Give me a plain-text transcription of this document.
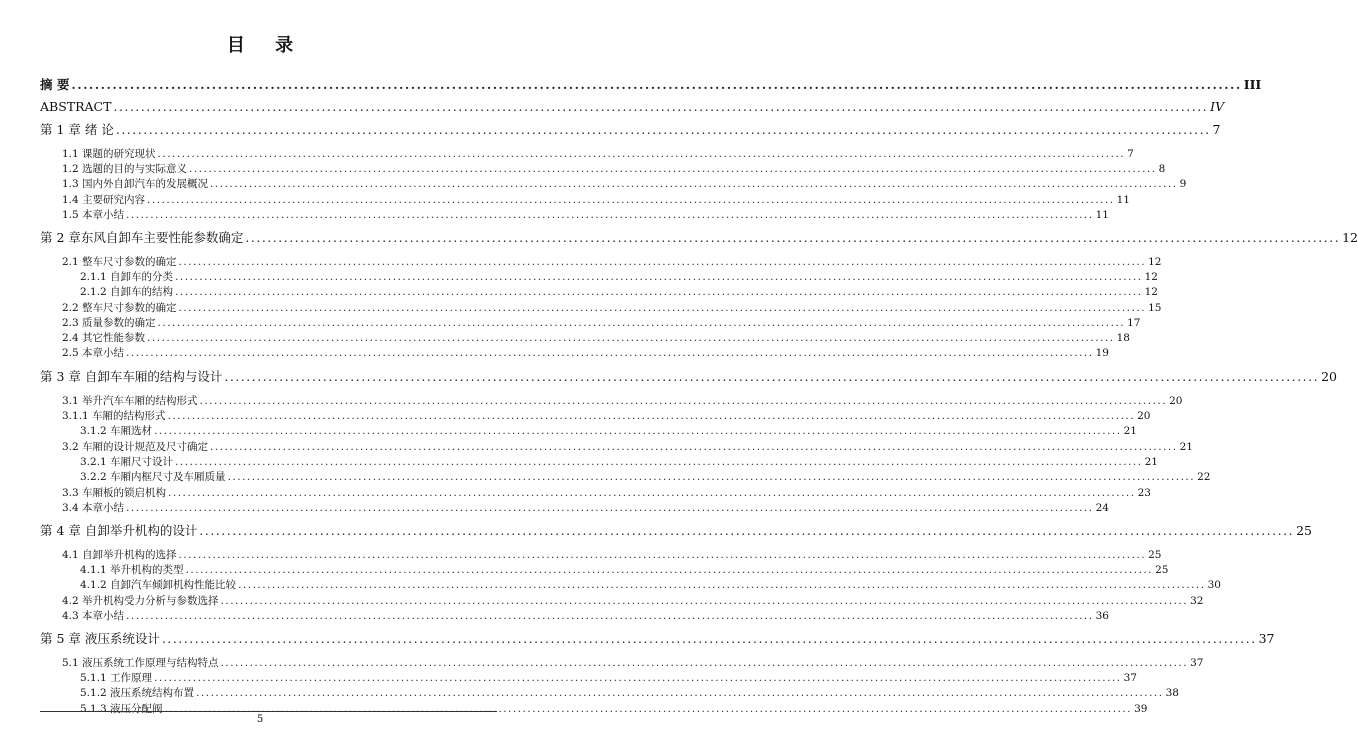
目 录
摘 要 ........................................................................................................................................................................................................ III
ABSTRACT ........................................................................................................................................................................................................ IV
第 1 章 绪 论 ........................................................................................................................................................................................................ 7
1.1 课题的研究现状 ........................................................................................................................................................................................................ 7
1.2 选题的目的与实际意义 ........................................................................................................................................................................................................ 8
1.3 国内外自卸汽车的发展概况 ........................................................................................................................................................................................................ 9
1.4 主要研究内容 ........................................................................................................................................................................................................ 11
1.5 本章小结 ........................................................................................................................................................................................................ 11
第 2 章东风自卸车主要性能参数确定 ........................................................................................................................................................................................................ 12
2.1 整车尺寸参数的确定 ........................................................................................................................................................................................................ 12
2.1.1 自卸车的分类 ........................................................................................................................................................................................................ 12
2.1.2 自卸车的结构 ........................................................................................................................................................................................................ 12
2.2 整车尺寸参数的确定 ........................................................................................................................................................................................................ 15
2.3 质量参数的确定 ........................................................................................................................................................................................................ 17
2.4 其它性能参数 ........................................................................................................................................................................................................ 18
2.5 本章小结 ........................................................................................................................................................................................................ 19
第 3 章 自卸车车厢的结构与设计 ........................................................................................................................................................................................................ 20
3.1 举升汽车车厢的结构形式 ........................................................................................................................................................................................................ 20
3.1.1 车厢的结构形式 ........................................................................................................................................................................................................ 20
3.1.2 车厢选材 ........................................................................................................................................................................................................ 21
3.2 车厢的设计规范及尺寸确定 ........................................................................................................................................................................................................ 21
3.2.1 车厢尺寸设计 ........................................................................................................................................................................................................ 21
3.2.2 车厢内框尺寸及车厢质量 ........................................................................................................................................................................................................ 22
3.3 车厢板的锁启机构 ........................................................................................................................................................................................................ 23
3.4 本章小结 ........................................................................................................................................................................................................ 24
第 4 章 自卸举升机构的设计 ........................................................................................................................................................................................................ 25
4.1 自卸举升机构的选择 ........................................................................................................................................................................................................ 25
4.1.1 举升机构的类型 ........................................................................................................................................................................................................ 25
4.1.2 自卸汽车倾卸机构性能比较 ........................................................................................................................................................................................................ 30
4.2 举升机构受力分析与参数选择 ........................................................................................................................................................................................................ 32
4.3 本章小结 ........................................................................................................................................................................................................ 36
第 5 章 液压系统设计 ........................................................................................................................................................................................................ 37
5.1 液压系统工作原理与结构特点 ........................................................................................................................................................................................................ 37
5.1.1 工作原理 ........................................................................................................................................................................................................ 37
5.1.2 液压系统结构布置 ........................................................................................................................................................................................................ 38
5.1.3 液压分配阀 ........................................................................................................................................................................................................ 39
5
